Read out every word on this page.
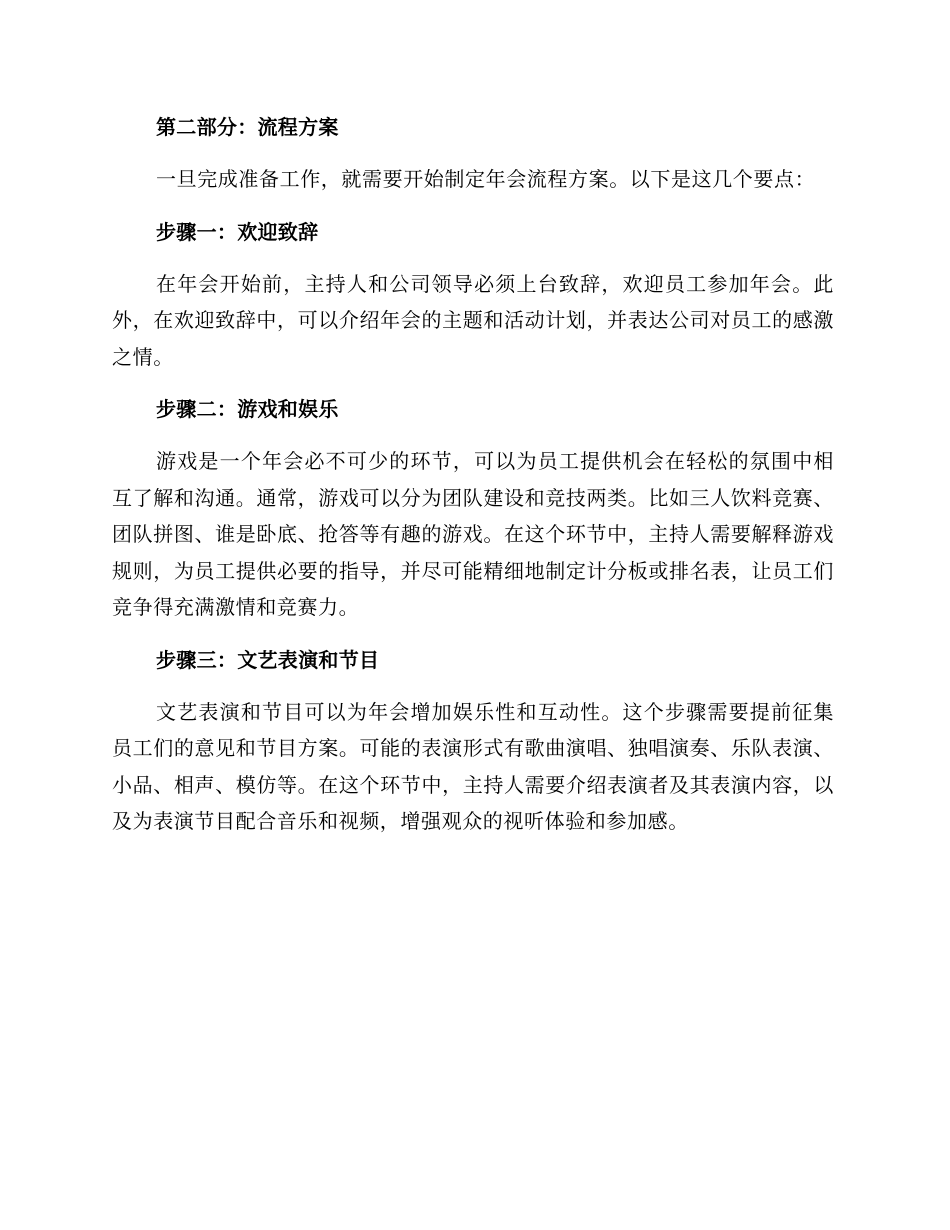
第二部分：流程方案

一旦完成准备工作，就需要开始制定年会流程方案。以下是这几个要点：

步骤一：欢迎致辞

在年会开始前，主持人和公司领导必须上台致辞，欢迎员工参加年会。此外，在欢迎致辞中，可以介绍年会的主题和活动计划，并表达公司对员工的感激之情。

步骤二：游戏和娱乐

游戏是一个年会必不可少的环节，可以为员工提供机会在轻松的氛围中相互了解和沟通。通常，游戏可以分为团队建设和竞技两类。比如三人饮料竞赛、团队拼图、谁是卧底、抢答等有趣的游戏。在这个环节中，主持人需要解释游戏规则，为员工提供必要的指导，并尽可能精细地制定计分板或排名表，让员工们竞争得充满激情和竞赛力。

步骤三：文艺表演和节目

文艺表演和节目可以为年会增加娱乐性和互动性。这个步骤需要提前征集员工们的意见和节目方案。可能的表演形式有歌曲演唱、独唱演奏、乐队表演、小品、相声、模仿等。在这个环节中，主持人需要介绍表演者及其表演内容，以及为表演节目配合音乐和视频，增强观众的视听体验和参加感。
